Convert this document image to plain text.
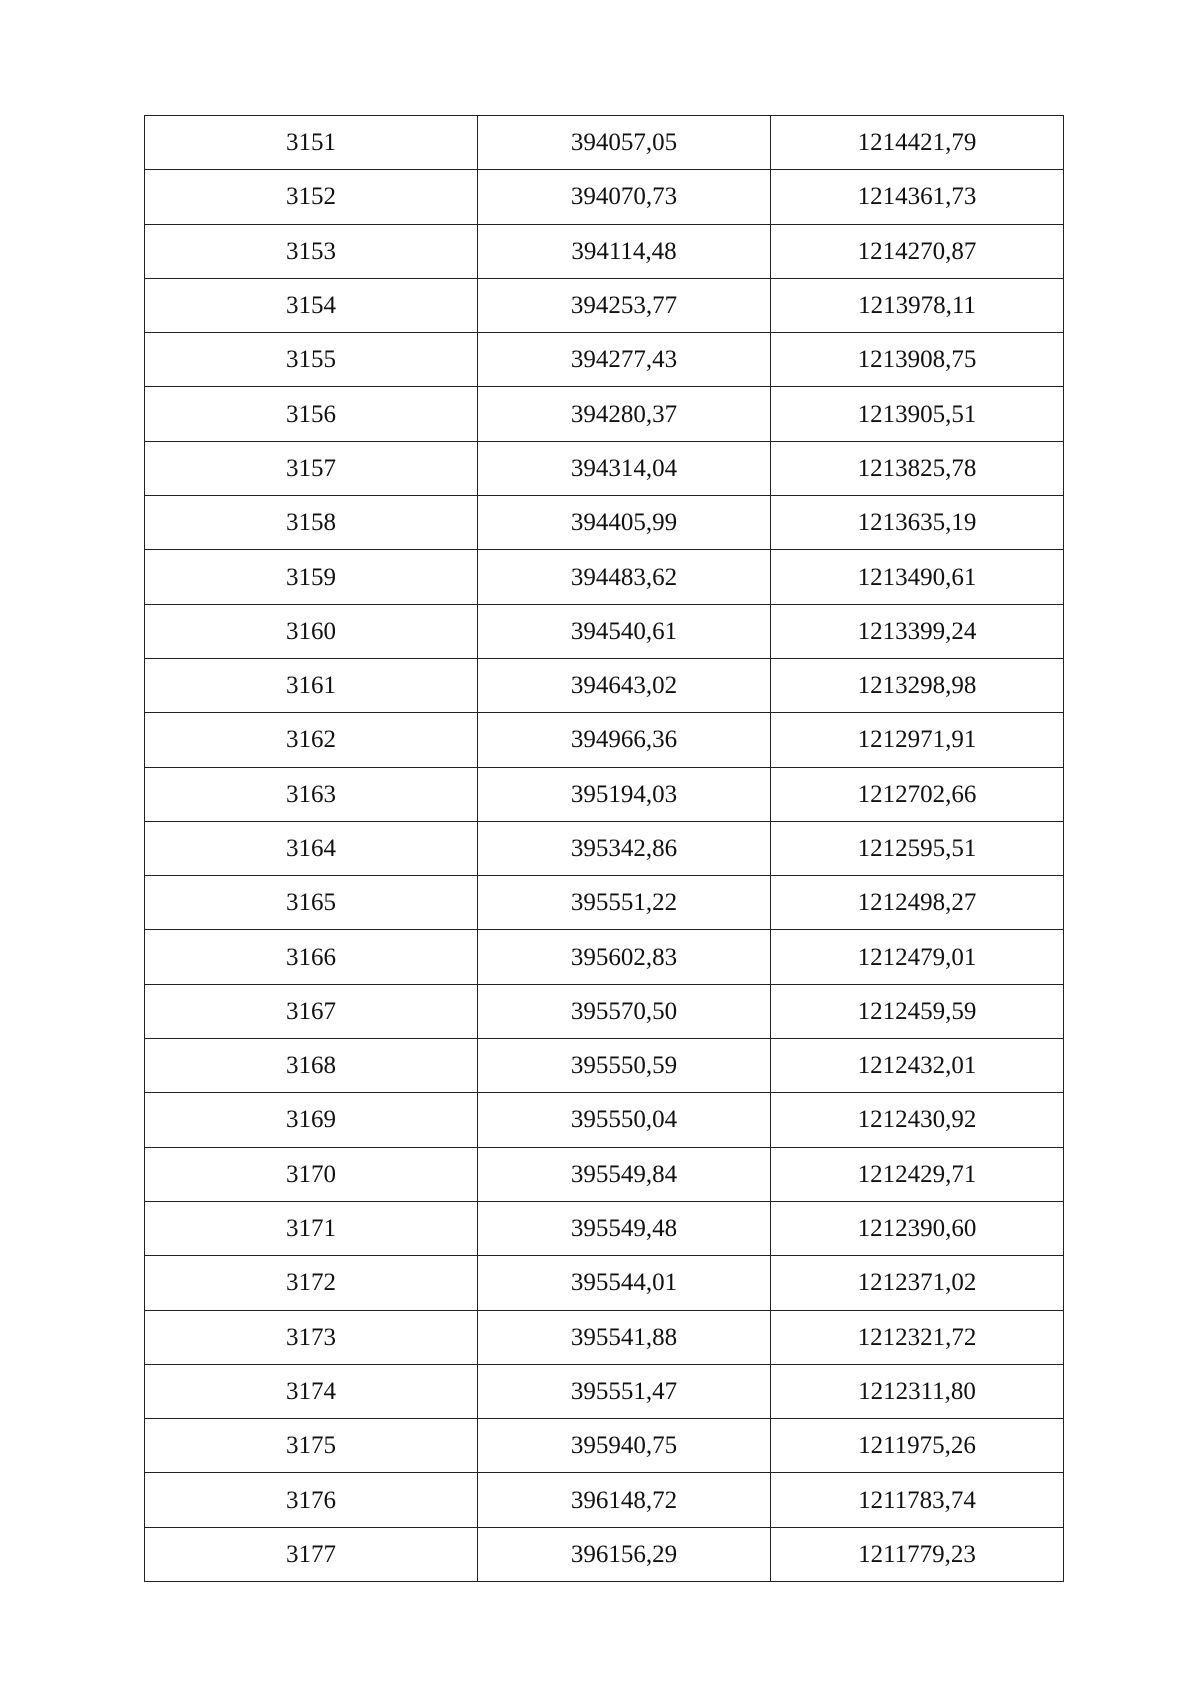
3151	394057,05	1214421,79
3152	394070,73	1214361,73
3153	394114,48	1214270,87
3154	394253,77	1213978,11
3155	394277,43	1213908,75
3156	394280,37	1213905,51
3157	394314,04	1213825,78
3158	394405,99	1213635,19
3159	394483,62	1213490,61
3160	394540,61	1213399,24
3161	394643,02	1213298,98
3162	394966,36	1212971,91
3163	395194,03	1212702,66
3164	395342,86	1212595,51
3165	395551,22	1212498,27
3166	395602,83	1212479,01
3167	395570,50	1212459,59
3168	395550,59	1212432,01
3169	395550,04	1212430,92
3170	395549,84	1212429,71
3171	395549,48	1212390,60
3172	395544,01	1212371,02
3173	395541,88	1212321,72
3174	395551,47	1212311,80
3175	395940,75	1211975,26
3176	396148,72	1211783,74
3177	396156,29	1211779,23
